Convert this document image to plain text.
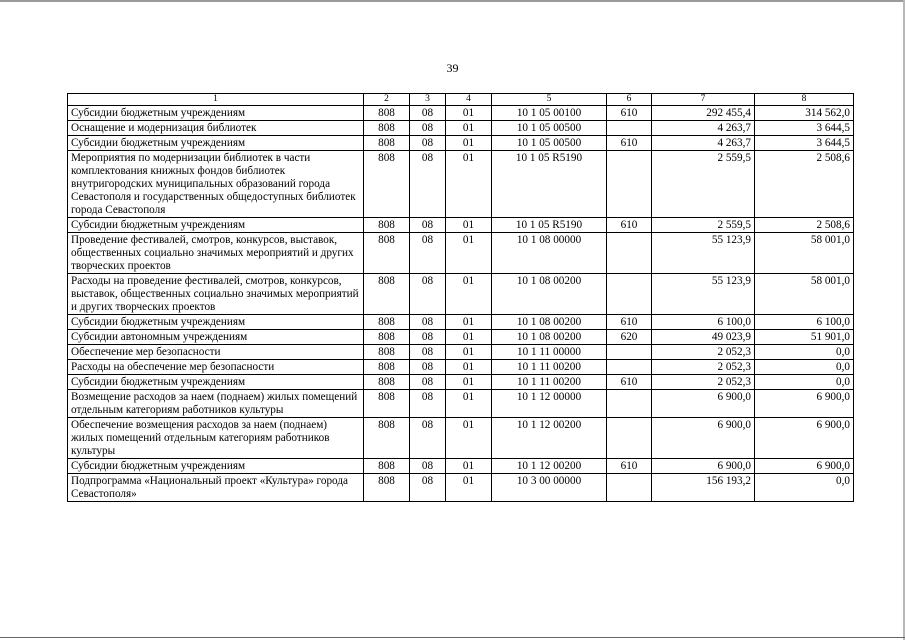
39
1	2	3	4	5	6	7	8
Субсидии бюджетным учреждениям	808	08	01	10 1 05 00100	610	292 455,4	314 562,0
Оснащение и модернизация библиотек	808	08	01	10 1 05 00500		4 263,7	3 644,5
Субсидии бюджетным учреждениям	808	08	01	10 1 05 00500	610	4 263,7	3 644,5
Мероприятия по модернизации библиотек в части комплектования книжных фондов библиотек внутригородских муниципальных образований города Севастополя и государственных общедоступных библиотек города Севастополя	808	08	01	10 1 05 R5190		2 559,5	2 508,6
Субсидии бюджетным учреждениям	808	08	01	10 1 05 R5190	610	2 559,5	2 508,6
Проведение фестивалей, смотров, конкурсов, выставок, общественных социально значимых мероприятий и других творческих проектов	808	08	01	10 1 08 00000		55 123,9	58 001,0
Расходы на проведение фестивалей, смотров, конкурсов, выставок, общественных социально значимых мероприятий и других творческих проектов	808	08	01	10 1 08 00200		55 123,9	58 001,0
Субсидии бюджетным учреждениям	808	08	01	10 1 08 00200	610	6 100,0	6 100,0
Субсидии автономным учреждениям	808	08	01	10 1 08 00200	620	49 023,9	51 901,0
Обеспечение мер безопасности	808	08	01	10 1 11 00000		2 052,3	0,0
Расходы на обеспечение мер безопасности	808	08	01	10 1 11 00200		2 052,3	0,0
Субсидии бюджетным учреждениям	808	08	01	10 1 11 00200	610	2 052,3	0,0
Возмещение расходов за наем (поднаем) жилых помещений отдельным категориям работников культуры	808	08	01	10 1 12 00000		6 900,0	6 900,0
Обеспечение возмещения расходов за наем (поднаем) жилых помещений отдельным категориям работников культуры	808	08	01	10 1 12 00200		6 900,0	6 900,0
Субсидии бюджетным учреждениям	808	08	01	10 1 12 00200	610	6 900,0	6 900,0
Подпрограмма «Национальный проект «Культура» города Севастополя»	808	08	01	10 3 00 00000		156 193,2	0,0
